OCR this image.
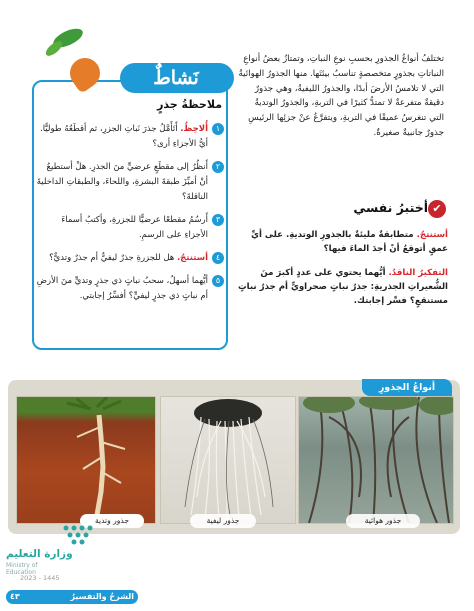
نَشاطٌ
ملاحظةُ جذرٍ
١
أُلاحِظُ. أَتَأَمَّلُ جذرَ نَباتِ الجزرِ، ثم أقطَعُهُ طوليًّا. أيُّ الأجزاءِ أرى؟
٢
أَنظُرُ إلى مقطَعٍ عرضيٍّ منَ الجذرِ. هلْ أستطيعُ أنْ أميِّزَ طبقةَ البشرةِ، واللحاءَ، والطبقاتِ الداخليةَ الناقلةَ؟
٣
أَرسُمُ مقطعًا عرضيًّا للجزرةِ، وأكتبُ أسماءَ الأجزاءِ على الرسمِ.
٤
أستنتجُ. هل للجزرةِ جذرٌ ليفيٌّ أم جذرٌ وتديٌّ؟
٥
أيُّهما أسهلُ، سحبُ نباتٍ ذي جذرٍ وتديٍّ منَ الأرضِ أم نباتٍ ذي جذرٍ ليفيٍّ؟ أفسِّرُ إجابتي.
تختلفُ أنواعُ الجذورِ بحسبِ نوعِ النباتِ، وتمتازُ بعضُ أنواعِ النباتاتِ بجذورٍ متخصصةٍ تناسبُ بيئتَها. منها الجذورُ الهوائيةُ التي لا تلامسُ الأرضَ أبدًا، والجذورُ الليفيةُ، وهي جذورٌ دقيقةٌ متفرعةٌ لا تمتدُّ كثيرًا في التربةِ، والجذورُ الوتديةُ التي تنغرسُ عميقًا في التربةِ، ويتفرَّعُ عنْ جزئِها الرئيسِ جذورٌ جانبيةٌ صغيرةٌ.
✔
أختبرُ نفسي
أستنتجُ. متطابقةٌ مليئةٌ بالجذورِ الوتديةِ. على أيِّ عمقٍ أتوقعُ أنْ أجدَ الماءَ فيها؟
التفكيرُ الناقدُ. أيُّهما يحتوي على عددٍ أكبرَ منَ الشُّعيراتِ الجذريةِ: جذرُ نباتٍ صحراويٍّ أم جذرُ نباتٍ مستنقعٍ؟ فسِّر إجابتك.
أنواعُ الجذورِ
جذور وتدية	جذور ليفية	جذور هوائية
وزارة التعليم
Ministry of Education
2023 - 1445
٤٣	الشرحُ والتفسيرُ
